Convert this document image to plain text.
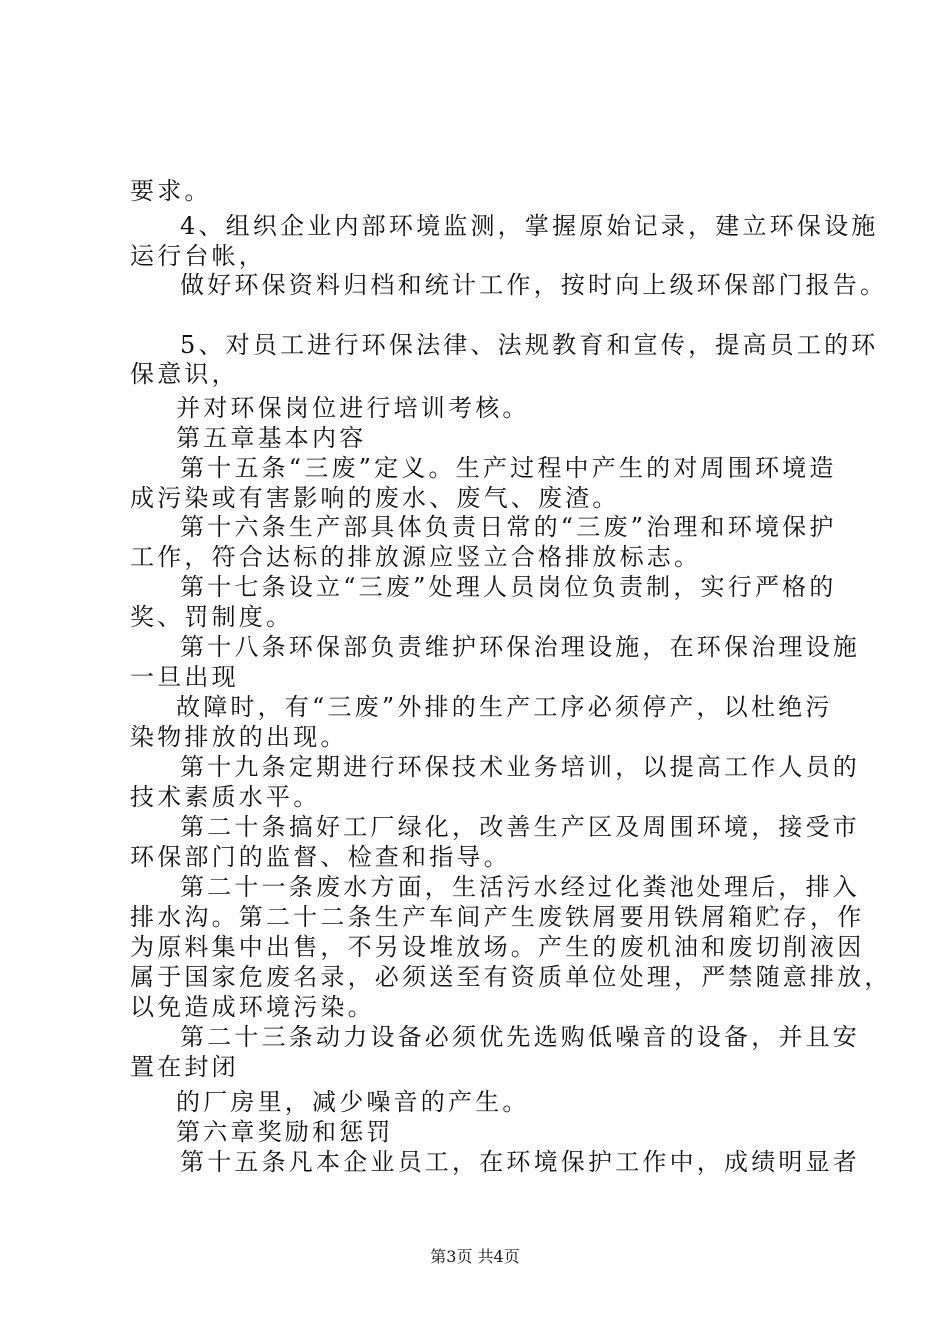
要求。
4、组织企业内部环境监测，掌握原始记录，建立环保设施
运行台帐，
做好环保资料归档和统计工作，按时向上级环保部门报告。
5、对员工进行环保法律、法规教育和宣传，提高员工的环
保意识，
并对环保岗位进行培训考核。
第五章基本内容
第十五条“三废”定义。生产过程中产生的对周围环境造
成污染或有害影响的废水、废气、废渣。
第十六条生产部具体负责日常的“三废”治理和环境保护
工作，符合达标的排放源应竖立合格排放标志。
第十七条设立“三废”处理人员岗位负责制，实行严格的
奖、罚制度。
第十八条环保部负责维护环保治理设施，在环保治理设施
一旦出现
故障时，有“三废”外排的生产工序必须停产，以杜绝污
染物排放的出现。
第十九条定期进行环保技术业务培训，以提高工作人员的
技术素质水平。
第二十条搞好工厂绿化，改善生产区及周围环境，接受市
环保部门的监督、检查和指导。
第二十一条废水方面，生活污水经过化粪池处理后，排入
排水沟。第二十二条生产车间产生废铁屑要用铁屑箱贮存，作
为原料集中出售，不另设堆放场。产生的废机油和废切削液因
属于国家危废名录，必须送至有资质单位处理，严禁随意排放，
以免造成环境污染。
第二十三条动力设备必须优先选购低噪音的设备，并且安
置在封闭
的厂房里，减少噪音的产生。
第六章奖励和惩罚
第十五条凡本企业员工，在环境保护工作中，成绩明显者
第3页 共4页
